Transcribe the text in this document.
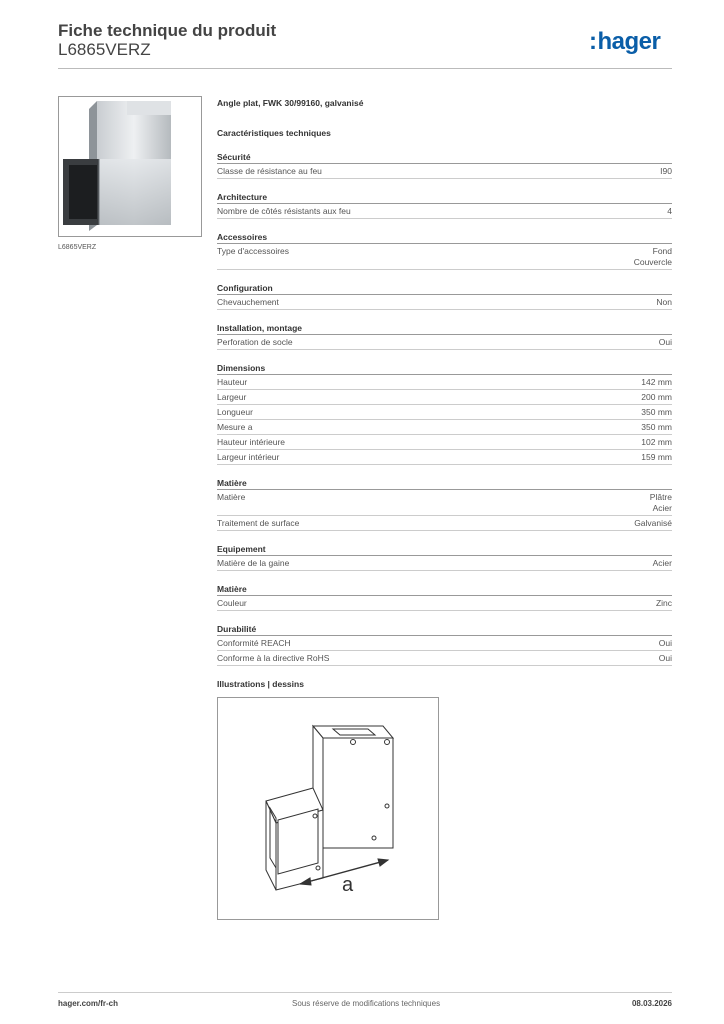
Fiche technique du produit
L6865VERZ	:hager
L6865VERZ
Angle plat, FWK 30/99160, galvanisé
Caractéristiques techniques
Sécurité
Classe de résistance au feu	I90
Architecture
Nombre de côtés résistants aux feu	4
Accessoires
Type d'accessoires	Fond
Couvercle
Configuration
Chevauchement	Non
Installation, montage
Perforation de socle	Oui
Dimensions
Hauteur	142 mm
Largeur	200 mm
Longueur	350 mm
Mesure a	350 mm
Hauteur intérieure	102 mm
Largeur intérieur	159 mm
Matière
Matière	Plâtre
Acier
Traitement de surface	Galvanisé
Equipement
Matière de la gaine	Acier
Matière
Couleur	Zinc
Durabilité
Conformité REACH	Oui
Conforme à la directive RoHS	Oui
Illustrations | dessins
a
hager.com/fr-ch	Sous réserve de modifications techniques	08.03.2026
